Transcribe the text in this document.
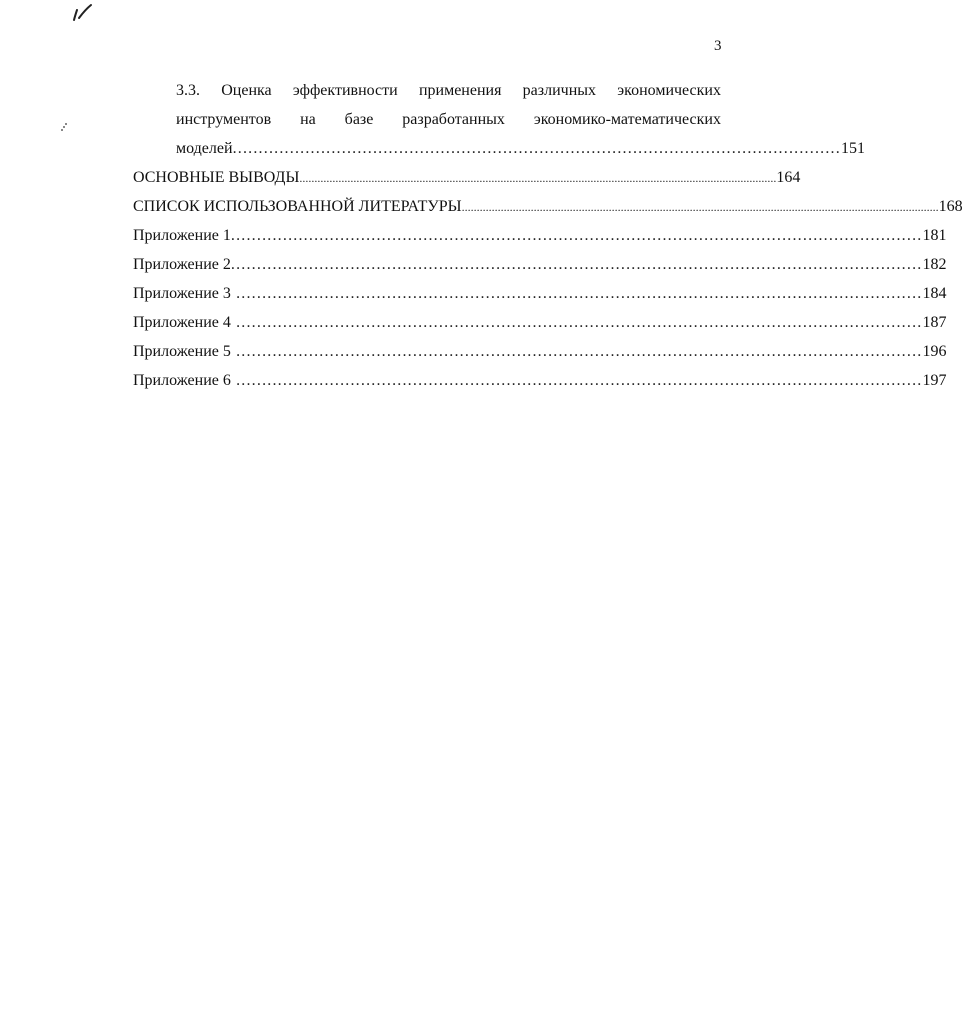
3
3.3. Оценка эффективности применения различных экономических
инструментов на базе разработанных экономико-математических
моделей ..................................................................................................................... 151
ОСНОВНЫЕ ВЫВОДЫ ............................................................................................................................................................... 164
СПИСОК ИСПОЛЬЗОВАННОЙ ЛИТЕРАТУРЫ ............................................................................................................................................................... 168
Приложение 1 ..................................................................................................................................... 181
Приложение 2 ..................................................................................................................................... 182
Приложение 3 .................................................................................................................................... 184
Приложение 4 .................................................................................................................................... 187
Приложение 5 .................................................................................................................................... 196
Приложение 6 .................................................................................................................................... 197
